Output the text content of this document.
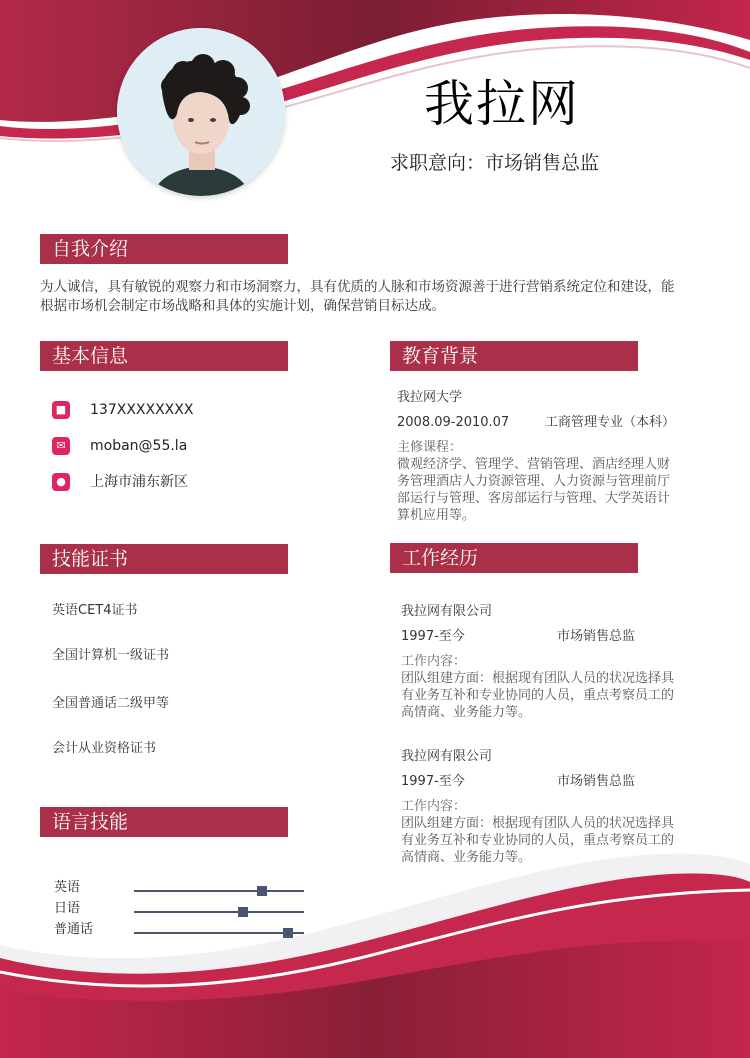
我拉网
求职意向：市场销售总监
自我介绍
为人诚信，具有敏锐的观察力和市场洞察力，具有优质的人脉和市场资源善于进行营销系统定位和建设，能
根据市场机会制定市场战略和具体的实施计划，确保营销目标达成。
基本信息
■ 137XXXXXXXX
✉	moban@55.la
●	上海市浦东新区
教育背景
我拉网大学
2008.09-2010.07	工商管理专业（本科）
主修课程：
微观经济学、管理学、营销管理、酒店经理人财
务管理酒店人力资源管理、人力资源与管理前厅
部运行与管理、客房部运行与管理、大学英语计
算机应用等。
技能证书
英语CET4证书
全国计算机一级证书
全国普通话二级甲等
会计从业资格证书
工作经历
我拉网有限公司
1997-至今	市场销售总监
工作内容：
团队组建方面：根据现有团队人员的状况选择具
有业务互补和专业协同的人员，重点考察员工的
高情商、业务能力等。
我拉网有限公司
1997-至今	市场销售总监
工作内容：
团队组建方面：根据现有团队人员的状况选择具
有业务互补和专业协同的人员，重点考察员工的
高情商、业务能力等。
语言技能
英语
日语
普通话
